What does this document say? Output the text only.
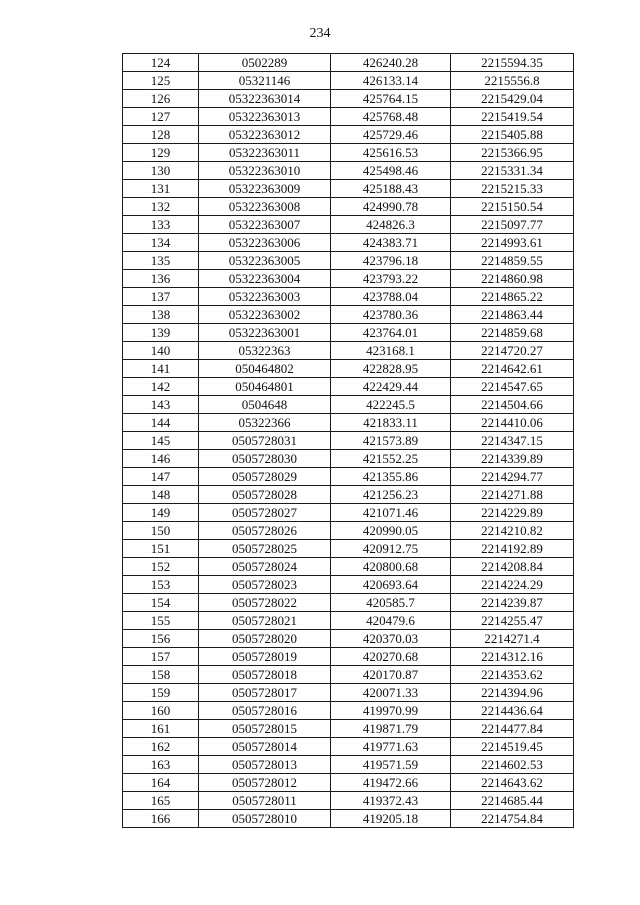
234
124	0502289	426240.28	2215594.35
125	05321146	426133.14	2215556.8
126	05322363014	425764.15	2215429.04
127	05322363013	425768.48	2215419.54
128	05322363012	425729.46	2215405.88
129	05322363011	425616.53	2215366.95
130	05322363010	425498.46	2215331.34
131	05322363009	425188.43	2215215.33
132	05322363008	424990.78	2215150.54
133	05322363007	424826.3	2215097.77
134	05322363006	424383.71	2214993.61
135	05322363005	423796.18	2214859.55
136	05322363004	423793.22	2214860.98
137	05322363003	423788.04	2214865.22
138	05322363002	423780.36	2214863.44
139	05322363001	423764.01	2214859.68
140	05322363	423168.1	2214720.27
141	050464802	422828.95	2214642.61
142	050464801	422429.44	2214547.65
143	0504648	422245.5	2214504.66
144	05322366	421833.11	2214410.06
145	0505728031	421573.89	2214347.15
146	0505728030	421552.25	2214339.89
147	0505728029	421355.86	2214294.77
148	0505728028	421256.23	2214271.88
149	0505728027	421071.46	2214229.89
150	0505728026	420990.05	2214210.82
151	0505728025	420912.75	2214192.89
152	0505728024	420800.68	2214208.84
153	0505728023	420693.64	2214224.29
154	0505728022	420585.7	2214239.87
155	0505728021	420479.6	2214255.47
156	0505728020	420370.03	2214271.4
157	0505728019	420270.68	2214312.16
158	0505728018	420170.87	2214353.62
159	0505728017	420071.33	2214394.96
160	0505728016	419970.99	2214436.64
161	0505728015	419871.79	2214477.84
162	0505728014	419771.63	2214519.45
163	0505728013	419571.59	2214602.53
164	0505728012	419472.66	2214643.62
165	0505728011	419372.43	2214685.44
166	0505728010	419205.18	2214754.84
